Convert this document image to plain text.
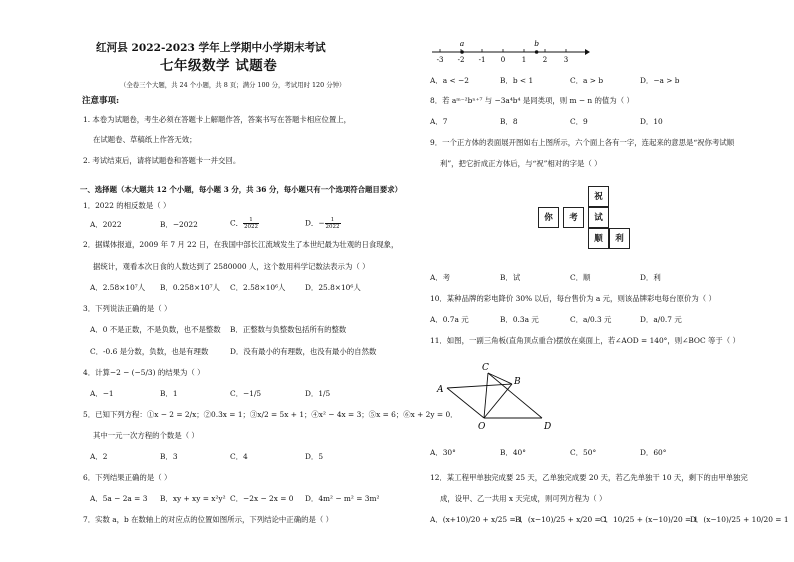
红河县 2022-2023 学年上学期中小学期末考试
七年级数学 试题卷
（全卷三个大题，共 24 个小题，共 8 页；满分 100 分，考试用时 120 分钟）
注意事项:
1. 本卷为试题卷，考生必须在答题卡上解题作答，答案书写在答题卡相应位置上，
在试题卷、草稿纸上作答无效；
2. 考试结束后，请将试题卷和答题卡一并交回。
一、选择题（本大题共 12 个小题，每小题 3 分，共 36 分，每小题只有一个选项符合题目要求）
1．2022 的相反数是（ ）
A．2022	B．−2022	C． $\frac{1}{2022}$	D．− $\frac{1}{2022}$
2．据媒体报道，2009 年 7 月 22 日，在我国中部长江流域发生了本世纪最为壮观的日食现象，
据统计，观看本次日食的人数达到了 2580000 人，这个数用科学记数法表示为（ ）
A．2.58×10⁷人 B．0.258×10⁷人 C．2.58×10⁶人	D．25.8×10⁶人
3．下列说法正确的是（ ）
A．0 不是正数，不是负数，也不是整数 B．正整数与负整数包括所有的整数
C．-0.6 是分数，负数，也是有理数	D．没有最小的有理数，也没有最小的自然数
4．计算−2 − (−5/3) 的结果为（ ）
A．−1	B．1	C．−1/5	D．1/5
5．已知下列方程：①x − 2 = 2/x；②0.3x = 1；③x/2 = 5x + 1；④x² − 4x = 3；⑤x = 6；⑥x + 2y = 0．
其中一元一次方程的个数是（ ）
A．2	B．3	C．4	D．5
6．下列结果正确的是（ ）
A．5a − 2a = 3 B．xy + xy = x²y² C．−2x − 2x = 0 D．4m² − m² = 3m²
7．实数 a，b 在数轴上的对应点的位置如图所示，下列结论中正确的是（ ）
-3 -2 -1 0 1 2 3
a	b
A．a < −2	B．b < 1	C．a > b	D．−a > b
8．若 aᵐ⁻²bⁿ⁺⁷ 与 −3a⁴b⁴ 是同类项，则 m − n 的值为（ ）
A．7	B．8	C．9	D．10
9．一个正方体的表面展开图如右上图所示，六个面上各有一字，连起来的意思是“祝你考试顺
利”，把它折成正方体后，与“祝”相对的字是（ ）
祝
你	考	试
顺	利
A．考	B．试	C．顺	D．利
10．某种品牌的彩电降价 30% 以后，每台售价为 a 元，则该品牌彩电每台原价为（ ）
A．0.7a 元	B．0.3a 元	C．a/0.3 元	D．a/0.7 元
11．如图，一副三角板(直角顶点重合)摆放在桌面上，若∠AOD = 140°，则∠BOC 等于（ ）
A
C
B
O	D
A．30°	B．40°	C．50°	D．60°
12．某工程甲单独完成要 25 天，乙单独完成要 20 天，若乙先单独干 10 天，剩下的由甲单独完
成，设甲、乙一共用 x 天完成，则可列方程为（ ）
A．(x+10)/20 + x/25 = 1
B．(x−10)/25 + x/20 = 1
C．10/25 + (x−10)/20 = 1
D．(x−10)/25 + 10/20 = 1
